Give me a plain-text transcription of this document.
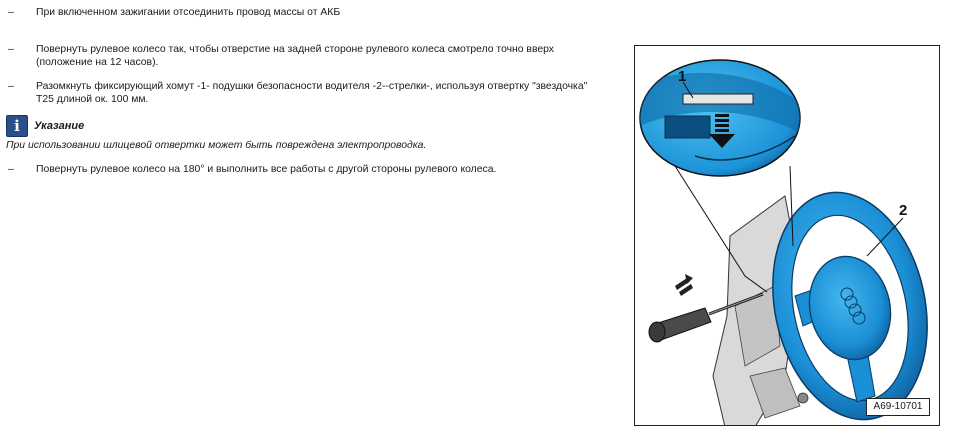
– При включенном зажигании отсоединить провод массы от АКБ
– Повернуть рулевое колесо так, чтобы отверстие на задней стороне рулевого колеса смотрело точно вверх
(положение на 12 часов).
– Разомкнуть фиксирующий хомут -1- подушки безопасности водителя -2--стрелки-, используя отвертку "звездочка"
T25 длиной ок. 100 мм.
i	Указание
При использовании шлицевой отвертки может быть повреждена электропроводка.
– Повернуть рулевое колесо на 180° и выполнить все работы с другой стороны рулевого колеса.
1
2
A69-10701
